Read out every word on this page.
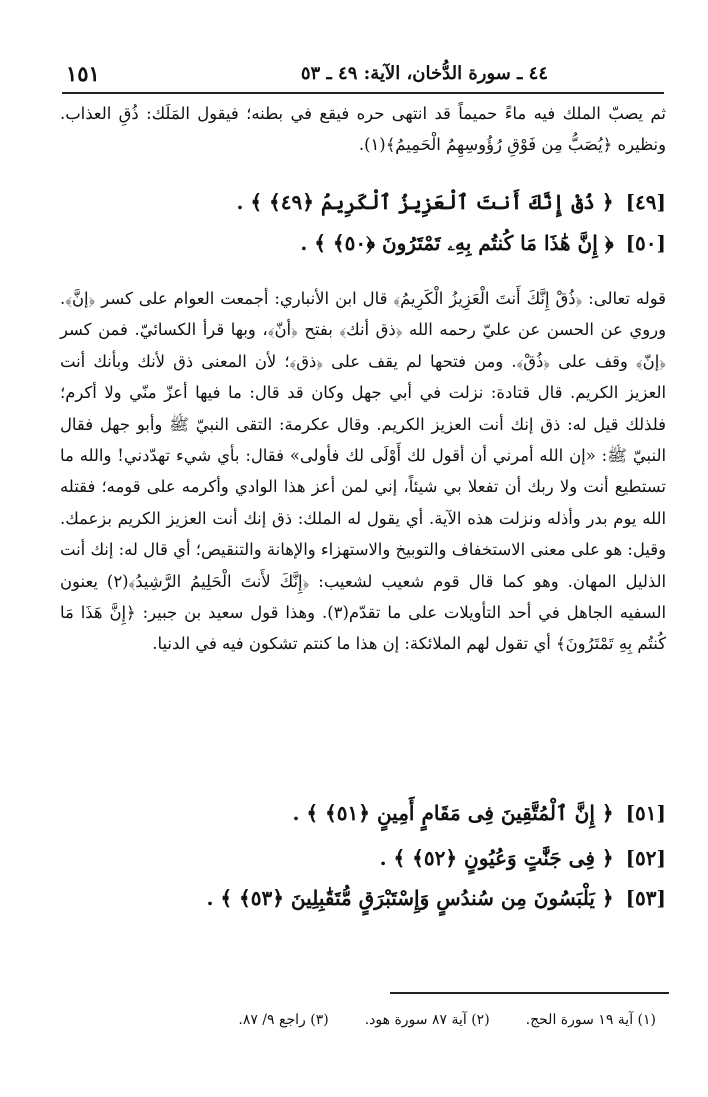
٤٤ ـ سورة الدُّخان، الآية: ٤٩ ـ ٥٣
١٥١
ثم يصبّ الملك فيه ماءً حميماً قد انتهى حره فيقع في بطنه؛ فيقول المَلَك: ذُقِ العذاب. ونظيره ﴿يُصَبُّ مِن فَوْقِ رُؤُوسِهِمُ الْحَمِيمُ﴾(١).
[٤٩]﴿ ذُقْ إِنَّكَ أَنتَ ٱلْعَزِيزُ ٱلْكَرِيمُ ﴿٤٩﴾ ﴾ .
[٥٠]﴿ إِنَّ هَٰذَا مَا كُنتُم بِهِۦ تَمْتَرُونَ ﴿٥٠﴾ ﴾ .
قوله تعالى: ﴿ذُقْ إِنَّكَ أَنتَ الْعَزِيزُ الْكَرِيمُ﴾ قال ابن الأنباري: أجمعت العوام على كسر ﴿إنَّ﴾. وروي عن الحسن عن عليّ رحمه الله ﴿ذق أنك﴾ بفتح ﴿أنّ﴾، وبها قرأ الكسائيّ. فمن كسر ﴿إنّ﴾ وقف على ﴿ذُقْ﴾. ومن فتحها لم يقف على ﴿ذق﴾؛ لأن المعنى ذق لأنك وبأنك أنت العزيز الكريم. قال قتادة: نزلت في أبي جهل وكان قد قال: ما فيها أعزّ منّي ولا أكرم؛ فلذلك قيل له: ذق إنك أنت العزيز الكريم. وقال عكرمة: التقى النبيّ ﷺ وأبو جهل فقال النبيّ ﷺ: «إن الله أمرني أن أقول لك أَوْلَى لك فأولى» فقال: بأي شيء تهدّدني! والله ما تستطيع أنت ولا ربك أن تفعلا بي شيئاً، إني لمن أعز هذا الوادي وأكرمه على قومه؛ فقتله الله يوم بدر وأذله ونزلت هذه الآية. أي يقول له الملك: ذق إنك أنت العزيز الكريم بزعمك. وقيل: هو على معنى الاستخفاف والتوبيخ والاستهزاء والإهانة والتنقيص؛ أي قال له: إنك أنت الذليل المهان. وهو كما قال قوم شعيب لشعيب: ﴿إِنَّكَ لأَنتَ الْحَلِيمُ الرَّشِيدُ﴾(٢) يعنون السفيه الجاهل في أحد التأويلات على ما تقدّم(٣). وهذا قول سعيد بن جبير: ﴿إِنَّ هَذَا مَا كُنتُم بِهِ تَمْتَرُونَ﴾ أي تقول لهم الملائكة: إن هذا ما كنتم تشكون فيه في الدنيا.
[٥١]﴿ إِنَّ ٱلْمُتَّقِينَ فِى مَقَامٍ أَمِينٍ ﴿٥١﴾ ﴾ .
[٥٢]﴿ فِى جَنَّٰتٍ وَعُيُونٍ ﴿٥٢﴾ ﴾ .
[٥٣]﴿ يَلْبَسُونَ مِن سُندُسٍ وَإِسْتَبْرَقٍ مُّتَقَٰبِلِينَ ﴿٥٣﴾ ﴾ .
(١) آية ١٩ سورة الحج.(٢) آية ٨٧ سورة هود.(٣) راجع ٩/ ٨٧.
